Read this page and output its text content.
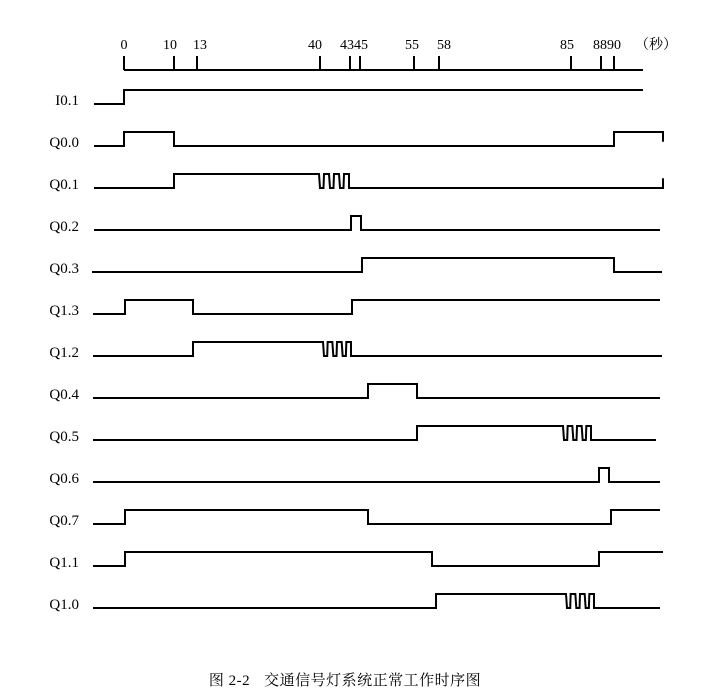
0	10 13	40 4345	55 58	85 8890 （秒）
I0.1
Q0.0
Q0.1
Q0.2
Q0.3
Q1.3
Q1.2
Q0.4
Q0.5
Q0.6
Q0.7
Q1.1
Q1.0
图 2-2 交通信号灯系统正常工作时序图
